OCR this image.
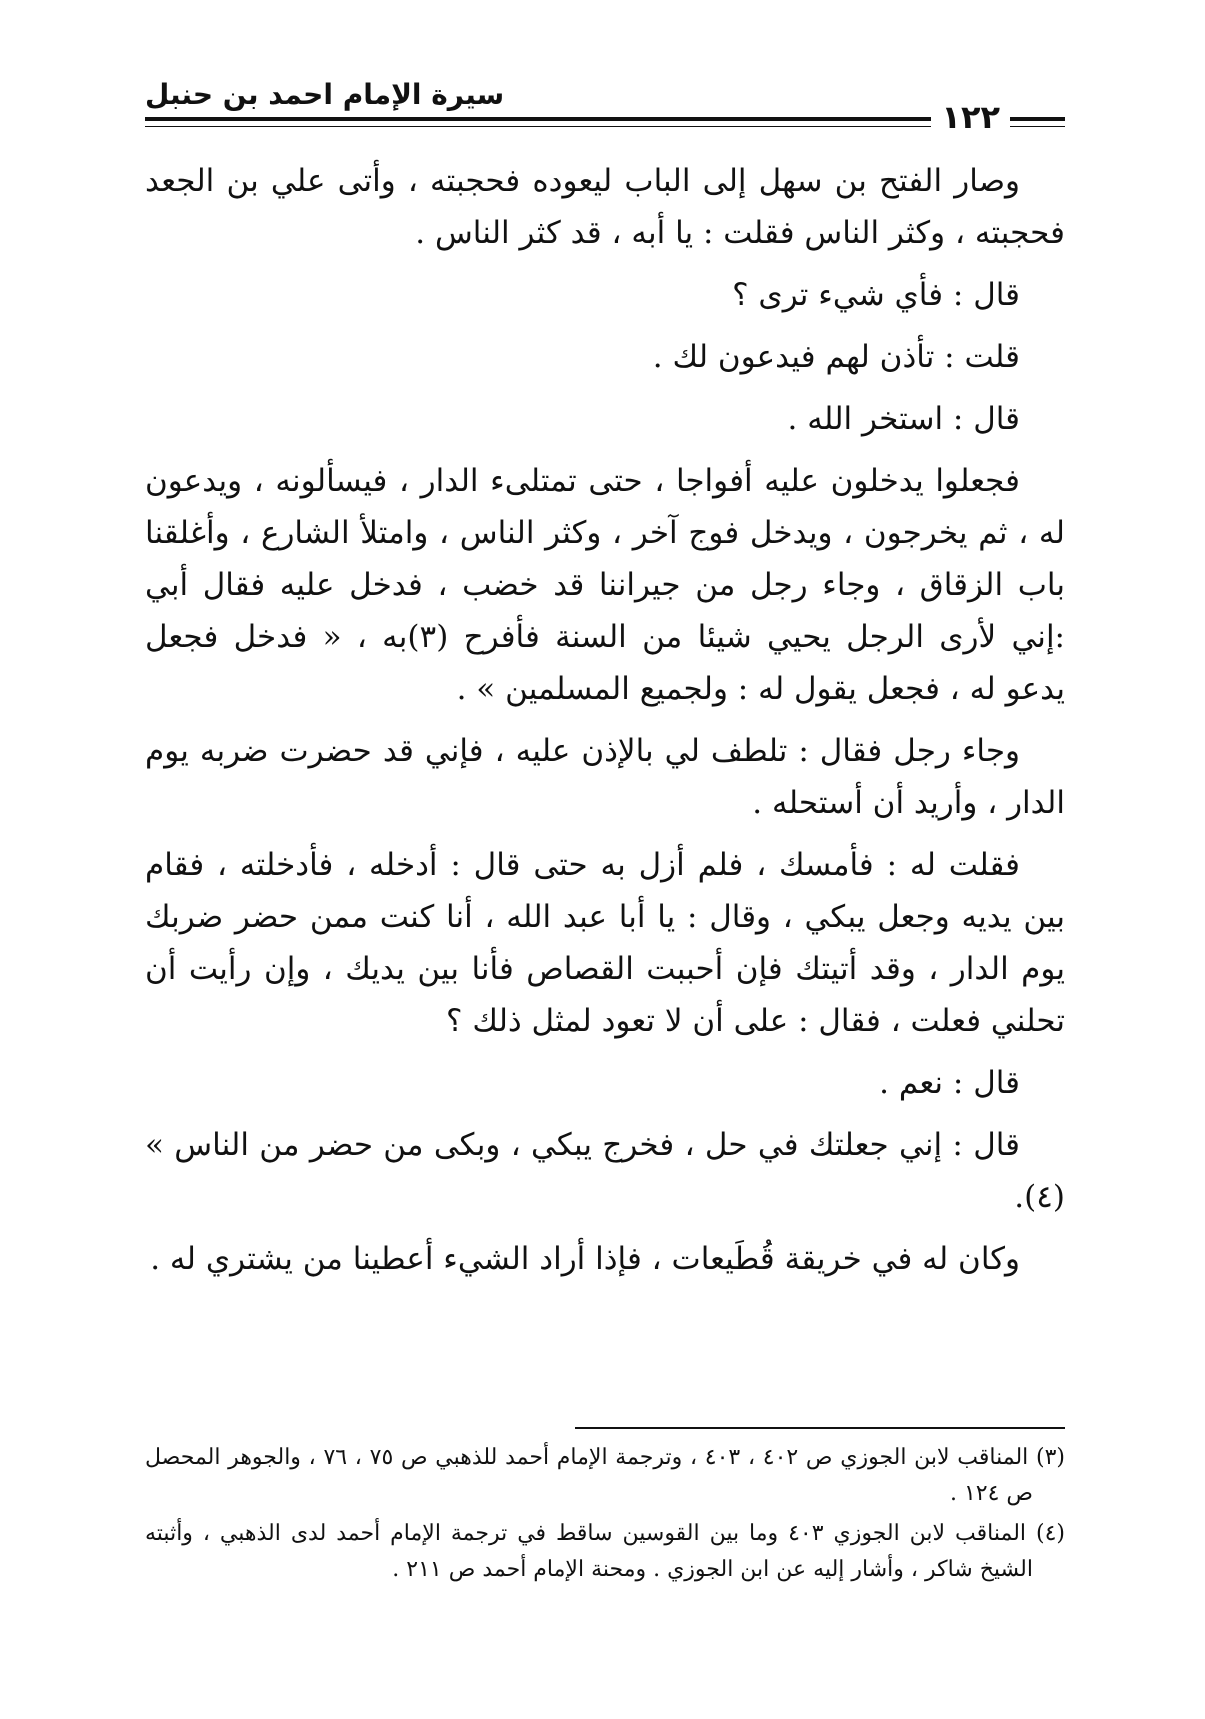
سيرة الإمام احمد بن حنبل
١٢٢

وصار الفتح بن سهل إلى الباب ليعوده فحجبته ، وأتى علي بن الجعد فحجبته ، وكثر الناس فقلت : يا أبه ، قد كثر الناس .

قال : فأي شيء ترى ؟

قلت : تأذن لهم فيدعون لك .

قال : استخر الله .

فجعلوا يدخلون عليه أفواجا ، حتى تمتلىء الدار ، فيسألونه ، ويدعون له ، ثم يخرجون ، ويدخل فوج آخر ، وكثر الناس ، وامتلأ الشارع ، وأغلقنا باب الزقاق ، وجاء رجل من جيراننا قد خضب ، فدخل عليه فقال أبي :إني لأرى الرجل يحيي شيئا من السنة فأفرح (٣)به ، « فدخل فجعل يدعو له ، فجعل يقول له : ولجميع المسلمين » .

وجاء رجل فقال : تلطف لي بالإذن عليه ، فإني قد حضرت ضربه يوم الدار ، وأريد أن أستحله .

فقلت له : فأمسك ، فلم أزل به حتى قال : أدخله ، فأدخلته ، فقام بين يديه وجعل يبكي ، وقال : يا أبا عبد الله ، أنا كنت ممن حضر ضربك يوم الدار ، وقد أتيتك فإن أحببت القصاص فأنا بين يديك ، وإن رأيت أن تحلني فعلت ، فقال : على أن لا تعود لمثل ذلك ؟

قال : نعم .

قال : إني جعلتك في حل ، فخرج يبكي ، وبكى من حضر من الناس » (٤).

وكان له في خريقة قُطَيعات ، فإذا أراد الشيء أعطينا من يشتري له .

(٣) المناقب لابن الجوزي ص ٤٠٢ ، ٤٠٣ ، وترجمة الإمام أحمد للذهبي ص ٧٥ ، ٧٦ ، والجوهر المحصل ص ١٢٤ .

(٤) المناقب لابن الجوزي ٤٠٣ وما بين القوسين ساقط في ترجمة الإمام أحمد لدى الذهبي ، وأثبته الشيخ شاكر ، وأشار إليه عن ابن الجوزي . ومحنة الإمام أحمد ص ٢١١ .
